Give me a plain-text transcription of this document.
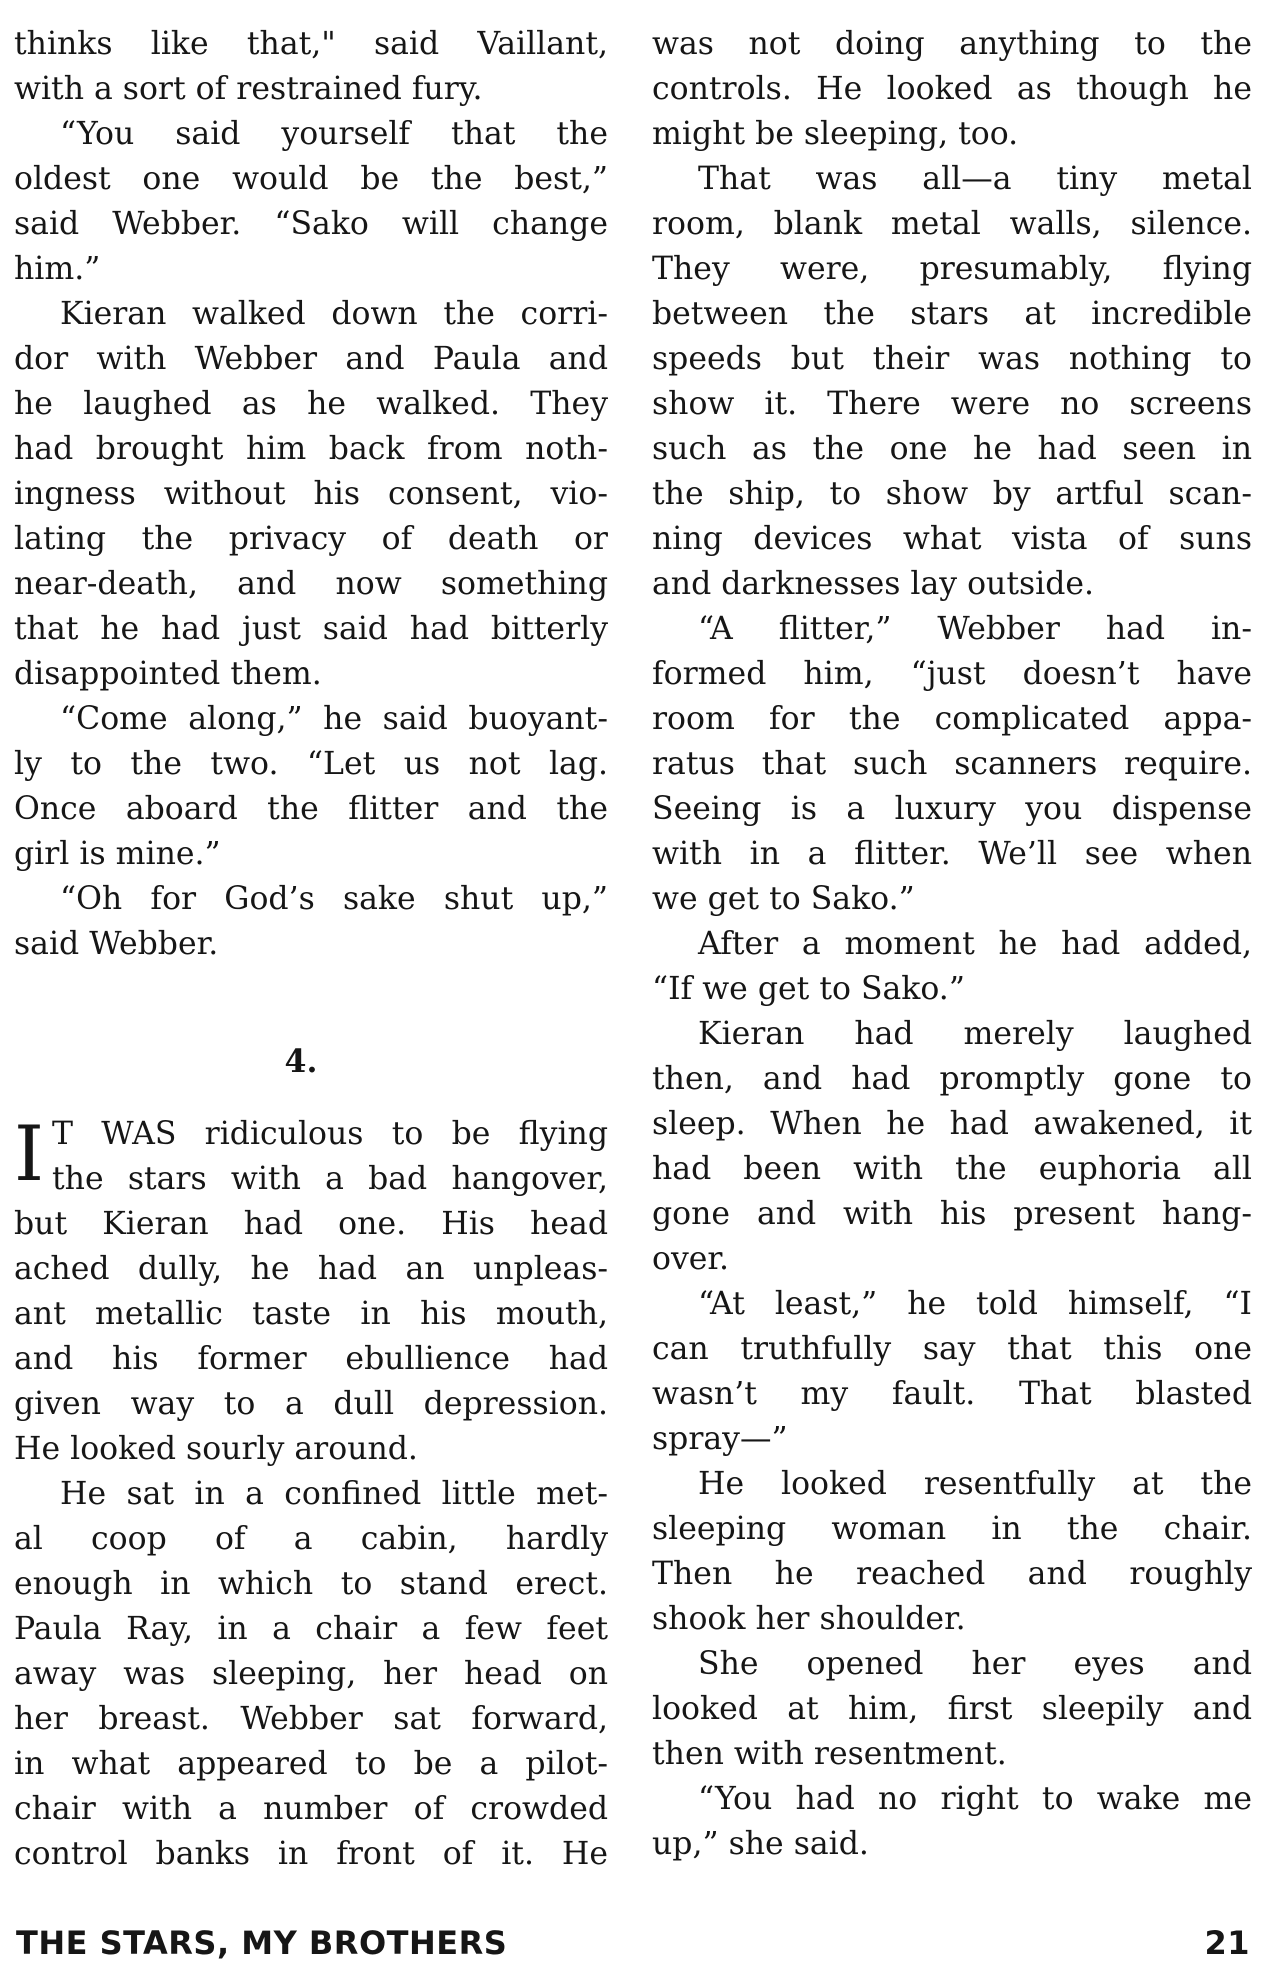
thinks like that," said Vaillant,
with a sort of restrained fury.

“You said yourself that the
oldest one would be the best,”
said Webber. “Sako will change
him.”

Kieran walked down the corri-
dor with Webber and Paula and
he laughed as he walked. They
had brought him back from noth-
ingness without his consent, vio-
lating the privacy of death or
near-death, and now something
that he had just said had bitterly
disappointed them.

“Come along,” he said buoyant-
ly to the two. “Let us not lag.
Once aboard the flitter and the
girl is mine.”

“Oh for God’s sake shut up,”
said Webber.

4.

I T WAS ridiculous to be flying
the stars with a bad hangover,
but Kieran had one. His head
ached dully, he had an unpleas-
ant metallic taste in his mouth,
and his former ebullience had
given way to a dull depression.
He looked sourly around.

He sat in a confined little met-
al coop of a cabin, hardly
enough in which to stand erect.
Paula Ray, in a chair a few feet
away was sleeping, her head on
her breast. Webber sat forward,
in what appeared to be a pilot-
chair with a number of crowded
control banks in front of it. He

was not doing anything to the
controls. He looked as though he
might be sleeping, too.

That was all—a tiny metal
room, blank metal walls, silence.
They were, presumably, flying
between the stars at incredible
speeds but their was nothing to
show it. There were no screens
such as the one he had seen in
the ship, to show by artful scan-
ning devices what vista of suns
and darknesses lay outside.

“A flitter,” Webber had in-
formed him, “just doesn’t have
room for the complicated appa-
ratus that such scanners require.
Seeing is a luxury you dispense
with in a flitter. We’ll see when
we get to Sako.”

After a moment he had added,
“If we get to Sako.”

Kieran had merely laughed
then, and had promptly gone to
sleep. When he had awakened, it
had been with the euphoria all
gone and with his present hang-
over.

“At least,” he told himself, “I
can truthfully say that this one
wasn’t my fault. That blasted
spray—”

He looked resentfully at the
sleeping woman in the chair.
Then he reached and roughly
shook her shoulder.

She opened her eyes and
looked at him, first sleepily and
then with resentment.

“You had no right to wake me
up,” she said.

THE STARS, MY BROTHERS	21
